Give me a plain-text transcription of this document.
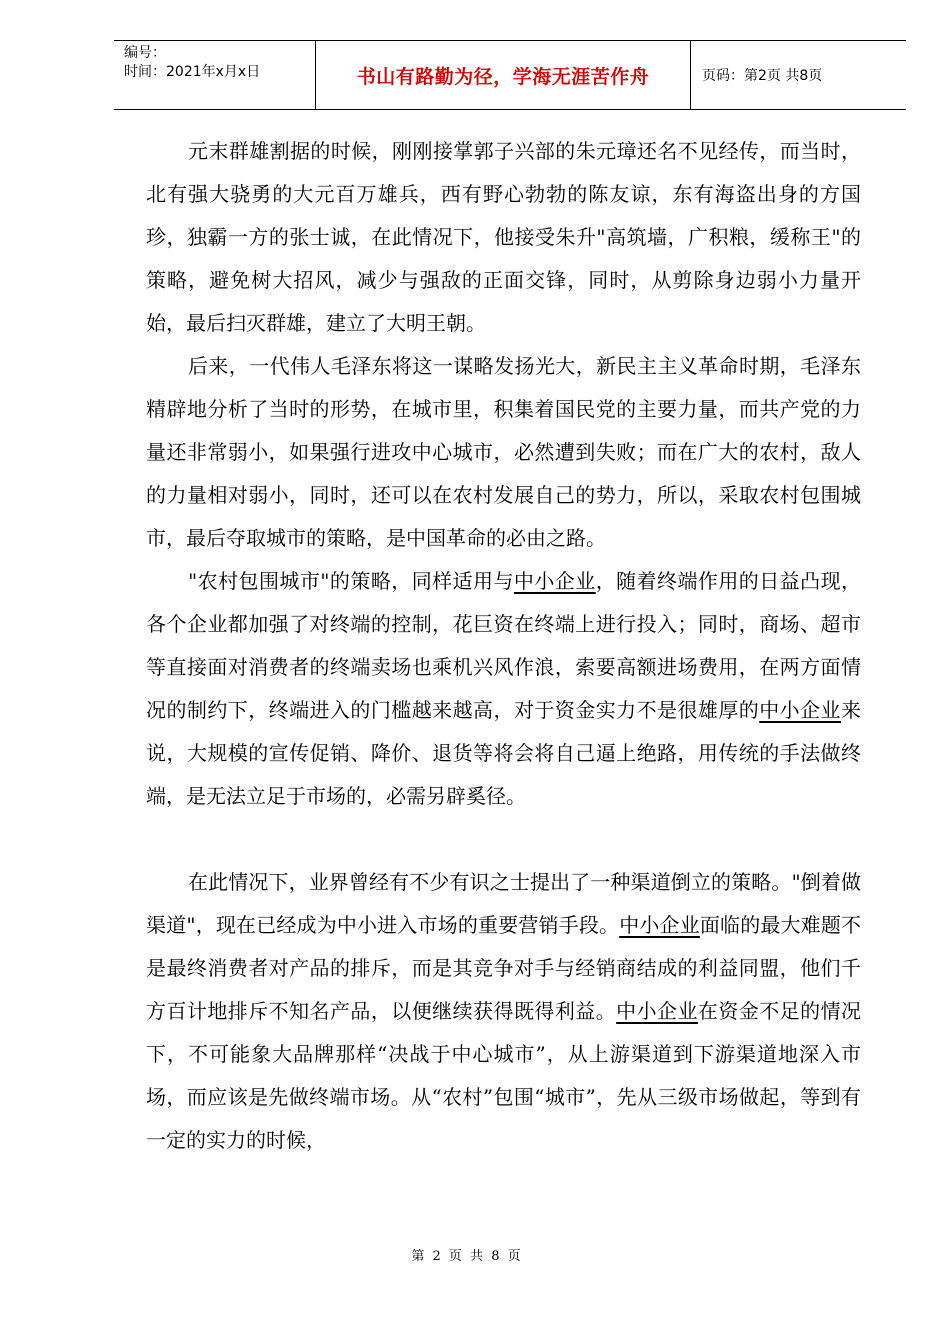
编号：
时间：2021年x月x日	书山有路勤为径，学海无涯苦作舟	页码：第2页 共8页

元末群雄割据的时候，刚刚接掌郭子兴部的朱元璋还名不见经传，而当时，北有强大骁勇的大元百万雄兵，西有野心勃勃的陈友谅，东有海盗出身的方国珍，独霸一方的张士诚，在此情况下，他接受朱升"高筑墙，广积粮，缓称王"的策略，避免树大招风，减少与强敌的正面交锋，同时，从剪除身边弱小力量开始，最后扫灭群雄，建立了大明王朝。

后来，一代伟人毛泽东将这一谋略发扬光大，新民主主义革命时期，毛泽东精辟地分析了当时的形势，在城市里，积集着国民党的主要力量，而共产党的力量还非常弱小，如果强行进攻中心城市，必然遭到失败；而在广大的农村，敌人的力量相对弱小，同时，还可以在农村发展自己的势力，所以，采取农村包围城市，最后夺取城市的策略，是中国革命的必由之路。

"农村包围城市"的策略，同样适用与中小企业，随着终端作用的日益凸现，各个企业都加强了对终端的控制，花巨资在终端上进行投入；同时，商场、超市等直接面对消费者的终端卖场也乘机兴风作浪，索要高额进场费用，在两方面情况的制约下，终端进入的门槛越来越高，对于资金实力不是很雄厚的中小企业来说，大规模的宣传促销、降价、退货等将会将自己逼上绝路，用传统的手法做终端，是无法立足于市场的，必需另辟奚径。

在此情况下，业界曾经有不少有识之士提出了一种渠道倒立的策略。"倒着做渠道"，现在已经成为中小进入市场的重要营销手段。中小企业面临的最大难题不是最终消费者对产品的排斥，而是其竞争对手与经销商结成的利益同盟，他们千方百计地排斥不知名产品，以便继续获得既得利益。中小企业在资金不足的情况下，不可能象大品牌那样“决战于中心城市”，从上游渠道到下游渠道地深入市场，而应该是先做终端市场。从“农村”包围“城市”，先从三级市场做起，等到有一定的实力的时候，

第 2 页 共 8 页
